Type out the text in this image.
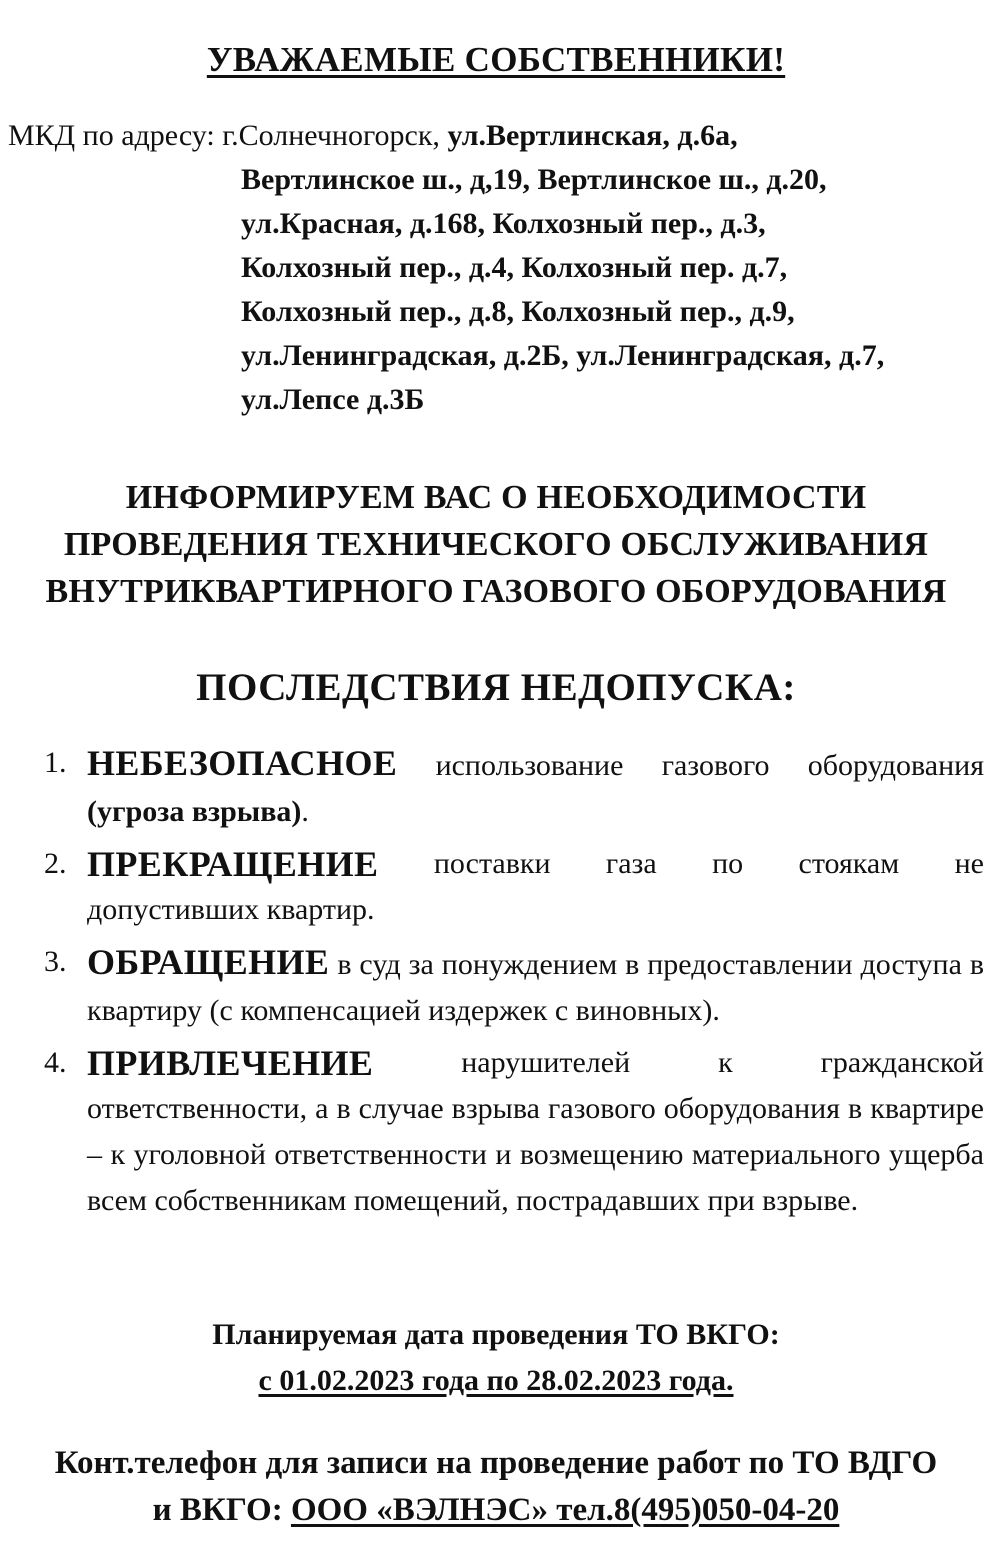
УВАЖАЕМЫЕ СОБСТВЕННИКИ!
МКД по адресу: г.Солнечногорск, ул.Вертлинская, д.6а,
Вертлинское ш., д,19, Вертлинское ш., д.20,
ул.Красная, д.168, Колхозный пер., д.3,
Колхозный пер., д.4, Колхозный пер. д.7,
Колхозный пер., д.8, Колхозный пер., д.9,
ул.Ленинградская, д.2Б, ул.Ленинградская, д.7,
ул.Лепсе д.3Б
ИНФОРМИРУЕМ ВАС О НЕОБХОДИМОСТИ
ПРОВЕДЕНИЯ ТЕХНИЧЕСКОГО ОБСЛУЖИВАНИЯ
ВНУТРИКВАРТИРНОГО ГАЗОВОГО ОБОРУДОВАНИЯ
ПОСЛЕДСТВИЯ НЕДОПУСКА:
1. НЕБЕЗОПАСНОЕ использование газового оборудования (угроза взрыва).
2. ПРЕКРАЩЕНИЕ поставки газа по стоякам не
допустивших квартир.
3. ОБРАЩЕНИЕ в суд за понуждением в предоставлении доступа в квартиру (с компенсацией издержек с виновных).
4. ПРИВЛЕЧЕНИЕ	нарушителей	к	гражданской
ответственности, а в случае взрыва газового оборудования в квартире – к уголовной ответственности и возмещению материального ущерба всем собственникам помещений, пострадавших при взрыве.
Планируемая дата проведения ТО ВКГО:
с 01.02.2023 года по 28.02.2023 года.
Конт.телефон для записи на проведение работ по ТО ВДГО
и ВКГО: ООО «ВЭЛНЭС» тел.8(495)050-04-20
